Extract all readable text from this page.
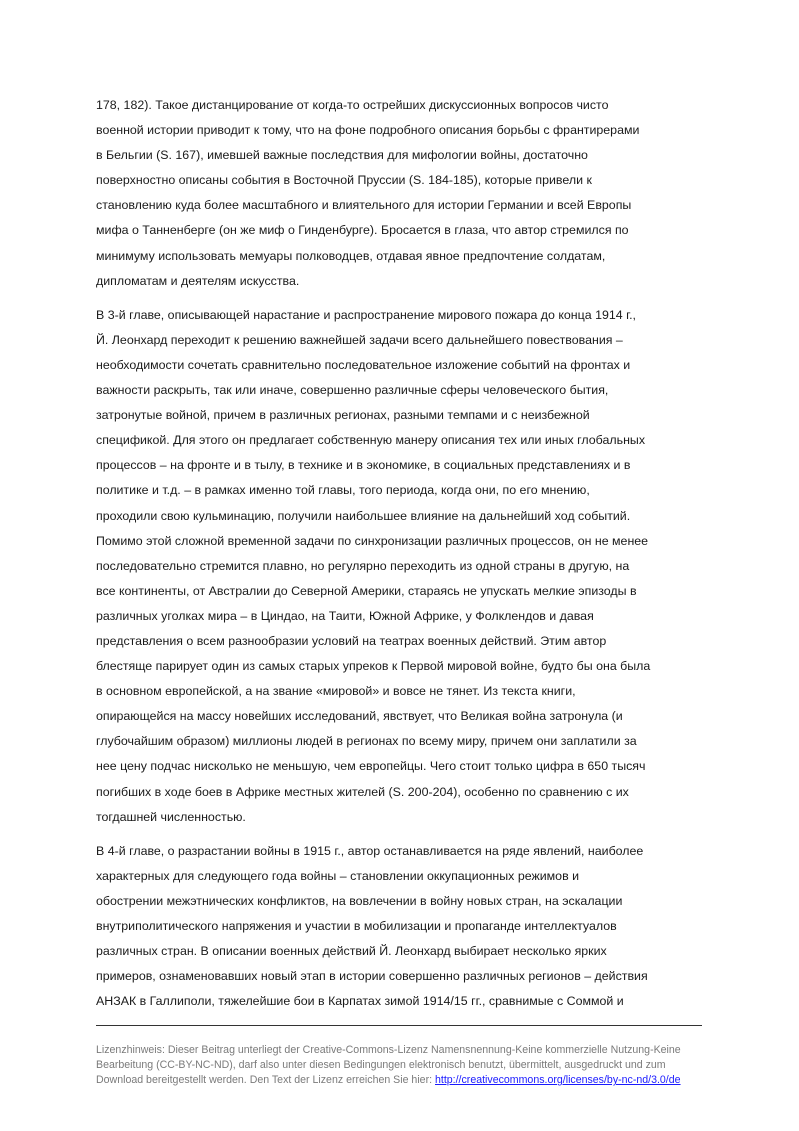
178, 182). Такое дистанцирование от когда-то острейших дискуссионных вопросов чисто
военной истории приводит к тому, что на фоне подробного описания борьбы с франтирерами
в Бельгии (S. 167), имевшей важные последствия для мифологии войны, достаточно
поверхностно описаны события в Восточной Пруссии (S. 184-185), которые привели к
становлению куда более масштабного и влиятельного для истории Германии и всей Европы
мифа о Танненберге (он же миф о Гинденбурге). Бросается в глаза, что автор стремился по
минимуму использовать мемуары полководцев, отдавая явное предпочтение солдатам,
дипломатам и деятелям искусства.

В 3-й главе, описывающей нарастание и распространение мирового пожара до конца 1914 г.,
Й. Леонхард переходит к решению важнейшей задачи всего дальнейшего повествования –
необходимости сочетать сравнительно последовательное изложение событий на фронтах и
важности раскрыть, так или иначе, совершенно различные сферы человеческого бытия,
затронутые войной, причем в различных регионах, разными темпами и с неизбежной
спецификой. Для этого он предлагает собственную манеру описания тех или иных глобальных
процессов – на фронте и в тылу, в технике и в экономике, в социальных представлениях и в
политике и т.д. – в рамках именно той главы, того периода, когда они, по его мнению,
проходили свою кульминацию, получили наибольшее влияние на дальнейший ход событий.
Помимо этой сложной временной задачи по синхронизации различных процессов, он не менее
последовательно стремится плавно, но регулярно переходить из одной страны в другую, на
все континенты, от Австралии до Северной Америки, стараясь не упускать мелкие эпизоды в
различных уголках мира – в Циндао, на Таити, Южной Африке, у Фолклендов и давая
представления о всем разнообразии условий на театрах военных действий. Этим автор
блестяще парирует один из самых старых упреков к Первой мировой войне, будто бы она была
в основном европейской, а на звание «мировой» и вовсе не тянет. Из текста книги,
опирающейся на массу новейших исследований, явствует, что Великая война затронула (и
глубочайшим образом) миллионы людей в регионах по всему миру, причем они заплатили за
нее цену подчас нисколько не меньшую, чем европейцы. Чего стоит только цифра в 650 тысяч
погибших в ходе боев в Африке местных жителей (S. 200-204), особенно по сравнению с их
тогдашней численностью.

В 4-й главе, о разрастании войны в 1915 г., автор останавливается на ряде явлений, наиболее
характерных для следующего года войны – становлении оккупационных режимов и
обострении межэтнических конфликтов, на вовлечении в войну новых стран, на эскалации
внутриполитического напряжения и участии в мобилизации и пропаганде интеллектуалов
различных стран. В описании военных действий Й. Леонхард выбирает несколько ярких
примеров, ознаменовавших новый этап в истории совершенно различных регионов – действия
АНЗАК в Галлиполи, тяжелейшие бои в Карпатах зимой 1914/15 гг., сравнимые с Соммой и

Lizenzhinweis: Dieser Beitrag unterliegt der Creative-Commons-Lizenz Namensnennung-Keine kommerzielle Nutzung-Keine
Bearbeitung (CC-BY-NC-ND), darf also unter diesen Bedingungen elektronisch benutzt, übermittelt, ausgedruckt und zum
Download bereitgestellt werden. Den Text der Lizenz erreichen Sie hier: http://creativecommons.org/licenses/by-nc-nd/3.0/de
